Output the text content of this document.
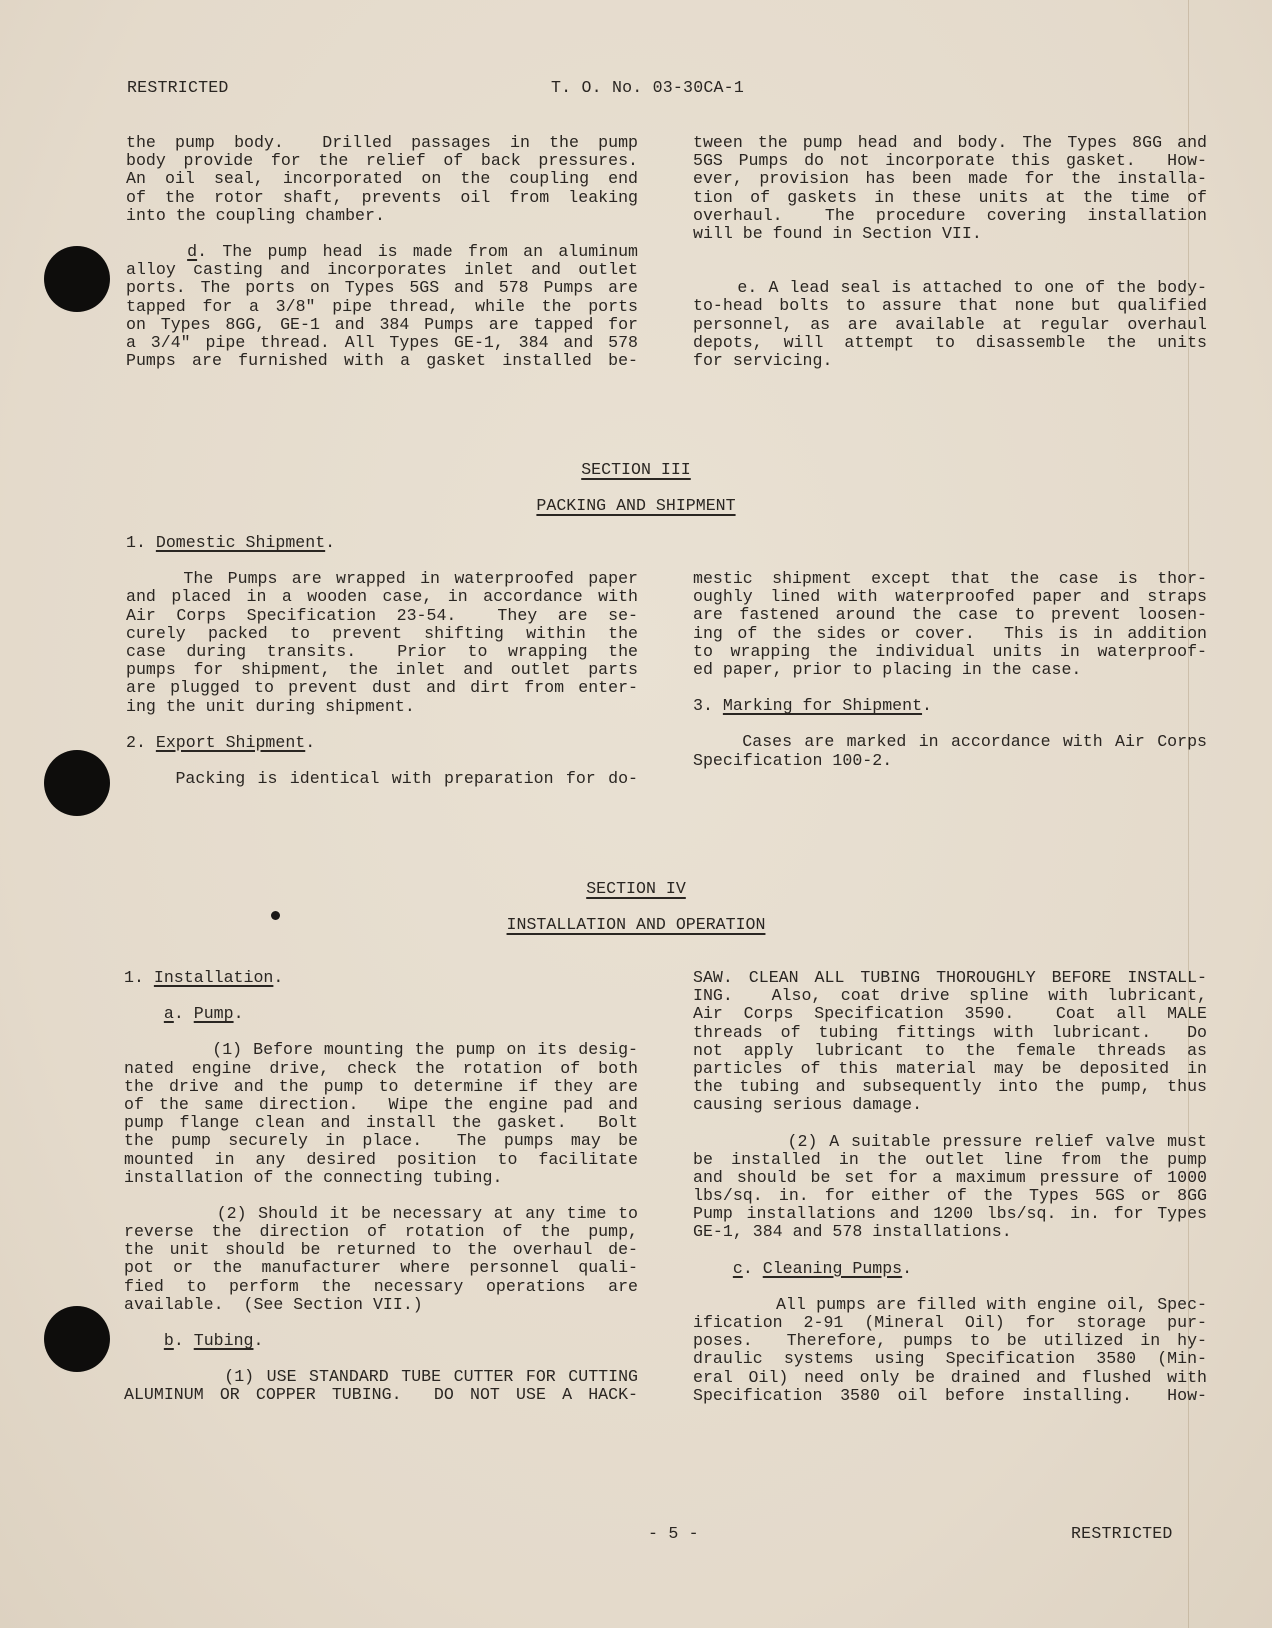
RESTRICTED	T. O. No. 03-30CA-1
the pump body.  Drilled passages in the pump
body provide for the relief of back pressures.
An oil seal, incorporated on the coupling end
of the rotor shaft, prevents oil from leaking
into the coupling chamber.
d. The pump head is made from an aluminum
alloy casting and incorporates inlet and outlet
ports. The ports on Types 5GS and 578 Pumps are
tapped for a 3/8" pipe thread, while the ports
on Types 8GG, GE-1 and 384 Pumps are tapped for
a 3/4" pipe thread. All Types GE-1, 384 and 578
Pumps are furnished with a gasket installed be-
tween the pump head and body. The Types 8GG and
5GS Pumps do not incorporate this gasket.  How-
ever, provision has been made for the installa-
tion of gaskets in these units at the time of
overhaul.  The procedure covering installation
will be found in Section VII.
e. A lead seal is attached to one of the body-
to-head bolts to assure that none but qualified
personnel, as are available at regular overhaul
depots, will attempt to disassemble the units
for servicing.
SECTION III
PACKING AND SHIPMENT
1. Domestic Shipment.
The Pumps are wrapped in waterproofed paper
and placed in a wooden case, in accordance with
Air Corps Specification 23-54.  They are se-
curely packed to prevent shifting within the
case during transits.  Prior to wrapping the
pumps for shipment, the inlet and outlet parts
are plugged to prevent dust and dirt from enter-
ing the unit during shipment.
2. Export Shipment.
Packing is identical with preparation for do-
mestic shipment except that the case is thor-
oughly lined with waterproofed paper and straps
are fastened around the case to prevent loosen-
ing of the sides or cover.  This is in addition
to wrapping the individual units in waterproof-
ed paper, prior to placing in the case.
3. Marking for Shipment.
Cases are marked in accordance with Air Corps
Specification 100-2.
SECTION IV
INSTALLATION AND OPERATION
1. Installation.
a. Pump.
(1) Before mounting the pump on its desig-
nated engine drive, check the rotation of both
the drive and the pump to determine if they are
of the same direction.  Wipe the engine pad and
pump flange clean and install the gasket.  Bolt
the pump securely in place.  The pumps may be
mounted in any desired position to facilitate
installation of the connecting tubing.
(2) Should it be necessary at any time to
reverse the direction of rotation of the pump,
the unit should be returned to the overhaul de-
pot or the manufacturer where personnel quali-
fied to perform the necessary operations are
available.  (See Section VII.)
b. Tubing.
(1) USE STANDARD TUBE CUTTER FOR CUTTING
ALUMINUM OR COPPER TUBING.  DO NOT USE A HACK-
SAW. CLEAN ALL TUBING THOROUGHLY BEFORE INSTALL-
ING.  Also, coat drive spline with lubricant,
Air Corps Specification 3590.  Coat all MALE
threads of tubing fittings with lubricant.  Do
not apply lubricant to the female threads as
particles of this material may be deposited in
the tubing and subsequently into the pump, thus
causing serious damage.
(2) A suitable pressure relief valve must
be installed in the outlet line from the pump
and should be set for a maximum pressure of 1000
lbs/sq. in. for either of the Types 5GS or 8GG
Pump installations and 1200 lbs/sq. in. for Types
GE-1, 384 and 578 installations.
c. Cleaning Pumps.
All pumps are filled with engine oil, Spec-
ification 2-91 (Mineral Oil) for storage pur-
poses.  Therefore, pumps to be utilized in hy-
draulic systems using Specification 3580 (Min-
eral Oil) need only be drained and flushed with
Specification 3580 oil before installing.  How-
- 5 -	RESTRICTED
